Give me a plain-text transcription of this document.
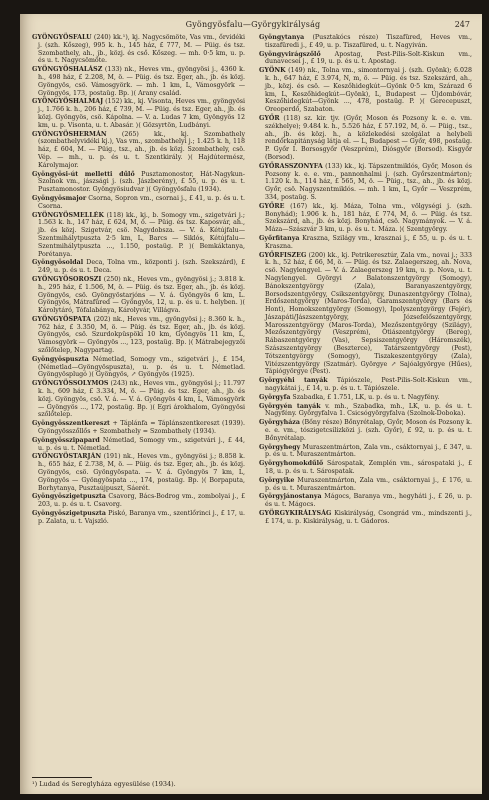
Gyöngyösfalu—Györgykirályság	247

GYÖNGYÖSFALU (240) kk.¹), kj. Nagycsömöte, Vas vm., őrvidéki j. (szh. Kőszeg), 995 k. h., 145 ház, £ 777, M. — Püig. és tsz. Szombathely, ah., jb., közj. és cső. Kőszeg. — mh. 0·5 km, u. p. és u. t. Nagycsömöte.

GYÖNGYÖSHALÁSZ (133) nk., Heves vm., gyöngyösi j., 4360 k. h., 498 ház, £ 2.208, M, ö. — Püig. és tsz. Eger, ah., jb. és közj. Gyöngyös, csö. Vámosgyörk. — mh. 1 km, L, Vámosgyörk — Gyöngyös, 173, postaüg. Bp. ⟩( Arany család.

GYÖNGYÖSHALMAJ (152) kk., kj. Visonta, Heves vm., gyöngyösi j., 1.766 k. h., 206 ház, £ 739, M. — Püig. és tsz. Eger, ah., jb. és közj. Gyöngyös, csö. Kápolna. — V. a. Ludas 7 km, Gyöngyös 12 km, u. p. Visonta, u. t. Abasár. ⟩( Gözsyrtön, Ludbányi.

GYÖNGYÖSHERMÁN (265) kk., kj. Szombathely (szombathelyvidéki kj.), Vas vm., szombathelyi j.; 1.425 k. h, 118 ház, £ 604, M. — Püig., tsz., ah., jb. és közj. Szombathely, csö. Vép. — mh., u. p. és u. t. Szentkirály. ⟩( Hajdútermész, Károlymajor.

Gyöngyösi-út melletti dűlő Pusztamonostor, Hát-Nagykun-Szolnok vm., jászsági j. (szh. Jászberény), £ 55, u. p. és u. t. Pusztamonostor. Gyöngyösiudvar ⟩( Gyöngyösfalu (1934).

Gyöngyösmajor Csorna, Sopron vm., csornai j., £ 41, u. p. és u. t. Csorna.

GYÖNGYÖSMELLÉK (118) kk., kj., b. Somogy vm., szigetvári j.; 1.563 k. h., 147 ház, £ 624, M, ö. — Püig. és tsz. Kaposvár, ah., jb. és közj. Szigetvár, csö. Nagydobsza. — V. á. Kétújfalu—Szentmihálytpuszta 2·5 km, L, Barcs — Siklós, Kétújfalu—Szentmihálytpuszta ..., 1.150, postaüg. P. ⟩( Bemkáktanya, Porétanya.

Gyöngyösoldal Deca, Tolna vm., központi j. (szh. Szekszárd), £ 249, u. p. és u. t. Deca.

GYÖNGYÖSOROSZI (250) nk., Heves vm., gyöngyösi j.; 3.818 k. h., 295 ház, £ 1.506, M, ö. — Püig. és tsz. Eger, ah., jb. és közj. Gyöngyös, csö. Gyöngyöstarjóns — V. á. Gyöngyös 6 km, L. Gyöngyös, Mátrafüred — Gyöngyös, 12, u. p. és u. t. helyben. ⟩( Károlytáró, Tófalabánya, Károlyvár, Villágva.

GYÖNGYÖSPATA (202) nk., Heves vm., gyöngyösi j.; 8.360 k. h., 762 ház, £ 3.350, M, ö. — Püig. és tsz. Eger, ah., jb. és közj. Gyöngyös, csö. Szurdokpüspöki 10 km, Gyöngyös 11 km, L, Vámosgyörk — Gyöngyös ..., 123, postaüg. Bp. ⟩( Mátrabejegyzői szőlőtelep, Nagypartag.

Gyöngyöspuszta Németlad, Somogy vm., szigetvári j., £ 154, (Németlad—Gyöngyöspuszta), u. p. és u. t. Németlad. Gyöngyösplugó ⟩( Gyöngyös, ↗ Gyöngyös (1925).

GYÖNGYÖSSOLYMOS (243) nk., Heves vm., gyöngyösi j.; 11.797 k. h., 609 ház, £ 3.334, M, ö. — Püig. és tsz. Eger, ah., jb. és közj. Gyöngyös, csö. V. á. — V. á. Gyöngyös 4 km, L, Vámosgyörk — Gyöngyös ..., 172, postaüg. Bp. ⟩( Egri árokhalom, Gyöngyösi szőlőtelep.

Gyöngyösszentkereszt + Táplánfa = Táplánszentkereszt (1939). Gyöngyösszőllős + Szombathely = Szombathely (1934).

Gyöngyösszipapard Németlad, Somogy vm., szigetvári j., £ 44, u. p. és u. t. Németlad.

GYÖNGYÖSTARJÁN (191) nk., Heves vm., gyöngyösi j.; 8.858 k. h., 655 ház, £ 2.738, M, ö. — Püig. és tsz. Eger, ah., jb. és közj. Gyöngyös, csö. Gyöngyöspata. — V. á. Gyöngyös 7 km, L, Gyöngyös — Gyöngyöspata ..., 174, postaüg. Bp. ⟩( Borpaputa, Borhytanya, Pusztaújpuszt, Sáerét.

Gyöngyöszigetpuszta Csavorg, Bács-Bodrog vm., zombolyai j., £ 203, u. p. és u. t. Csavorg.

Gyöngyöszigetpuszta Piskó, Baranya vm., szentlőrinci j., £ 17, u. p. Zalata, u. t. Vajszló.

Gyöngytanya (Pusztakócs része) Tiszafüred, Heves vm., tiszafüredi j., £ 49, u. p. Tiszafüred, u. t. Nagyiván.

Gyöngyvirágszőlő Apostag, Pest-Pilis-Solt-Kiskun vm., dunavecsei j., £ 19, u. p. és u. t. Apostag.

GYÖNK (149) nk., Tolna vm., simontornyai j. (szh. Gyönk); 6.028 k. h., 647 ház, £ 3.974, N, m, ö. — Püig. és tsz. Szekszárd, ah., jb., közj. és csö. — Keszőhidegkút—Gyönk 0·5 km, Szárazd 6 km, L, Keszőhidegkút—Gyönk), L, Budapest — Újdombóvár, Keszőhidegkút—Gyönk ..., 478, postaüg. P. ⟩( Gerecepuszt, Oreoperdő, Szabaton.

GYŐR (118) sz. kir. tjv. (Győr, Moson és Pozsony k. e. e. vm. székhelye); 9.484 k. h., 5.526 ház, £ 57.192, M, ö. — Püig., tsz., ah., jb. és közj. h., a közlekedési szolgálat a helybeli rendőrkapitányság látja el. — L, Budapest — Győr, 498, postaüg. P. Győr I. Borsosgyőr (Veszprém), Diósgyőr (Borsod). Kisgyőr (Borsod).

GYŐRASSZONYFA (133) kk., kj. Tápszentmiklós, Győr, Moson és Pozsony k. e. e. vm., pannonhalmi j. (szh. Győrszentmárton); 1.120 k. h., 114 ház, £ 565, M, ö. — Püig., tsz., ah., jb. és közj. Győr, csö. Nagyszentmiklós. — mh. 1 km, L, Győr — Veszprém, 334, postaüg. S.

GYŐRE (167) kk., kj. Máza, Tolna vm., völgységi j. (szh. Bonyhád); 1.906 k. h., 181 ház, £ 774, M, ö. — Püig. és tsz. Szekszárd, ah., jb. és közj. Bonyhád, csö. Nagymányok. — V. á. Máza—Szászvár 3 km, u. p. és u. t. Máza. ⟩( Szentgyörgy.

Győrfitanya Kraszna, Szilágy vm., krasznai j., £ 55, u. p. és u. t. Kraszna.

GYŐRFISZEG (200) kk., kj. Petrikeresztúr, Zala vm., novai j.; 333 k. h., 52 ház, £ 66, M, ö. — Püig. és tsz. Zalaegerszeg, ah. Nova, csö. Nagylengyel. — V. á. Zalaegerszeg 19 km, u. p. Nova, u. t. Nagylengyel. Györgyi ↗ Balatonszentgyörgy (Somogy), Bánokszentgyörgy (Zala), Baranyaszentgyörgy, Borsodszentgyörgy, Csikszentgyörgy, Dunaszentgyörgy (Tolna), Erdőszentgyörgy (Maros-Torda), Garamszentgyörgy (Bars és Hont), Homokszentgyörgy (Somogy), Ipolyszentgyörgy (Fejér), Jászapáti/Jászszentgyörgy, Józsefelőszentgyörgy, Marosszentgyörgy (Maros-Torda), Mezőszentgyörgy (Szilágy), Mezőszentgyörgy (Veszprém), Ótiászentgyörgy (Bereg), Rábaszentgyörgy (Vas), Sepsiszentgyörgy (Háromszék), Szászszentgyörgy (Beszterce), Tatárszentgyörgy (Pest), Tótszentgyörgy (Somogy), Tiszakeszentgyörgy (Zala), Vitézszentgyörgy (Szatmár). Györgye ↗ Sajóalgyörgye (Hűes), Tápiógyörgye (Pest).

Györgyéhi tanyák Tápiószele, Pest-Pilis-Solt-Kiskun vm., nagykátai j., £ 14, u. p. és u. t. Tápiószele.

Györgyfa Szabadka, £ 1.751, LK, u. p. és u. t. Nagyfény.

Györgyén tanyák v. mh., Szabadka, mh., LK, u. p. és u. t. Nagyfény. Györgyfalva 1. Csicsógyörgyfalva (Szolnok-Doboka).

Györgyháza (Bőny része) Bőnyrétalap, Győr, Moson és Pozsony k. e. e. vm., tószigetcsilizközi j. (szh. Győr), £ 92, u. p. és u. t. Bőnyrétalap.

Györgyhegy Muraszentmárton, Zala vm., csáktornyai j., £ 347, u. p. és u. t. Muraszentmárton.

Györgyhomokdűlő Sárospatak, Zemplén vm., sárospataki j., £ 18, u. p. és u. t. Sárospatak.

Györgyike Muraszentmárton, Zala vm., csáktornyai j., £ 176, u. p. és u. t. Muraszentmárton.

Györgyjánostanya Mágocs, Baranya vm., hegyháti j., £ 26, u. p. és u. t. Mágocs.

GYÖRGYKIRÁLYSÁG Kiskirályság, Csongrád vm., mindszenti j., £ 174, u. p. Kiskirályság, u. t. Gádoros.

¹) Ludad és Sereglyháza egyesülése (1934).
